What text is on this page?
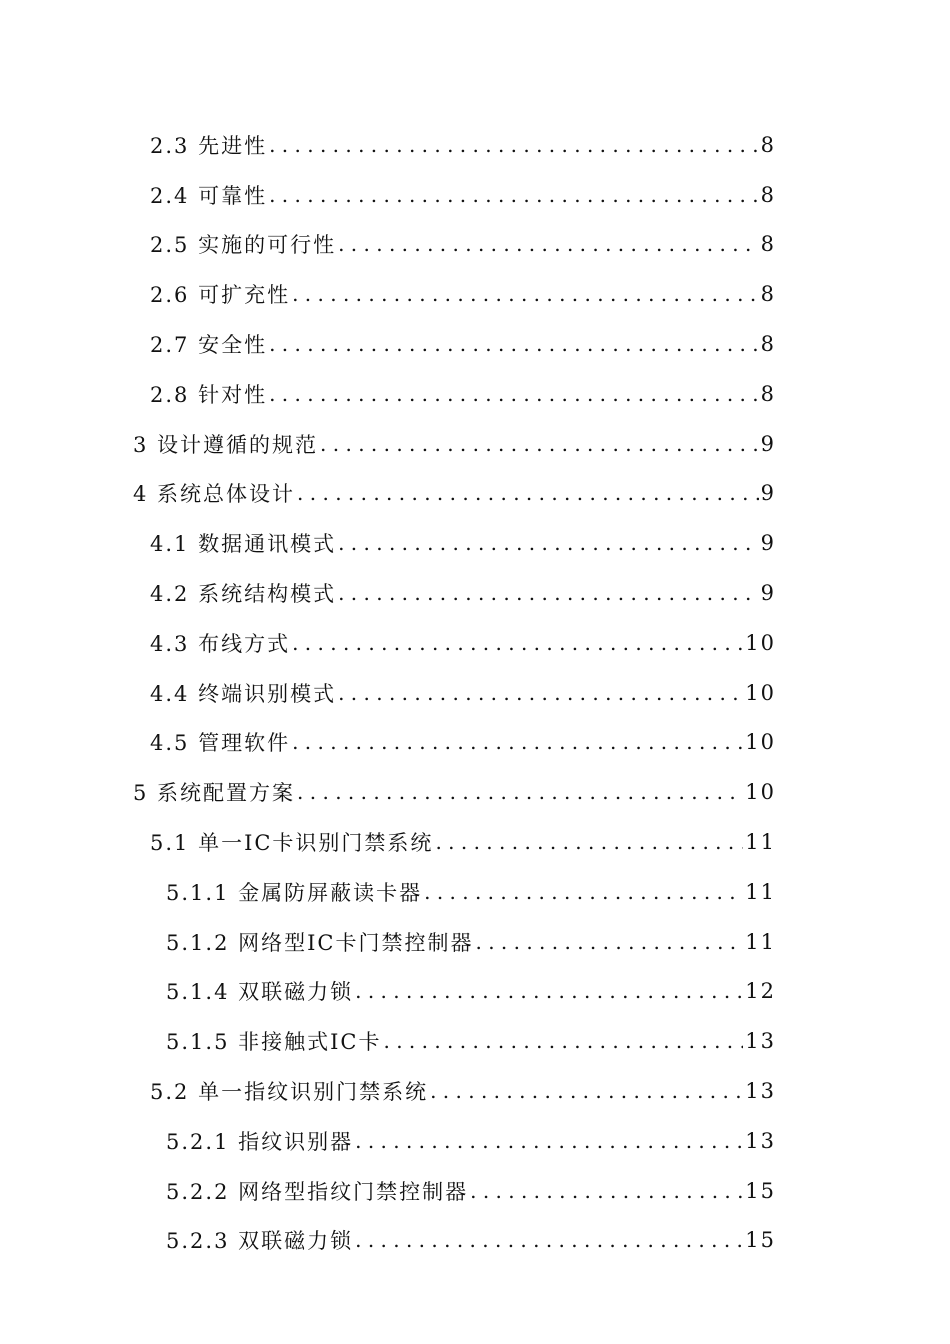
2.3 先进性 . . .	8
2.4 可靠性 . . .	8
2.5 实施的可行性 . . .	8
2.6 可扩充性 . . .	8
2.7 安全性 . . .	8
2.8 针对性 . . .	8
3 设计遵循的规范 . . .	9
4 系统总体设计 . . .	9
4.1 数据通讯模式 . . .	9
4.2 系统结构模式 . . .	9
4.3 布线方式 . . .	10
4.4 终端识别模式 . . .	10
4.5 管理软件 . . .	10
5 系统配置方案 . . .	10
5.1 单一IC卡识别门禁系统 . . .	11
5.1.1 金属防屏蔽读卡器 . . .	11
5.1.2 网络型IC卡门禁控制器 . . .	11
5.1.4 双联磁力锁 . . .	12
5.1.5 非接触式IC卡 . . .	13
5.2 单一指纹识别门禁系统 . . .	13
5.2.1 指纹识别器 . . .	13
5.2.2 网络型指纹门禁控制器 . . .	15
5.2.3 双联磁力锁 . . .	15
